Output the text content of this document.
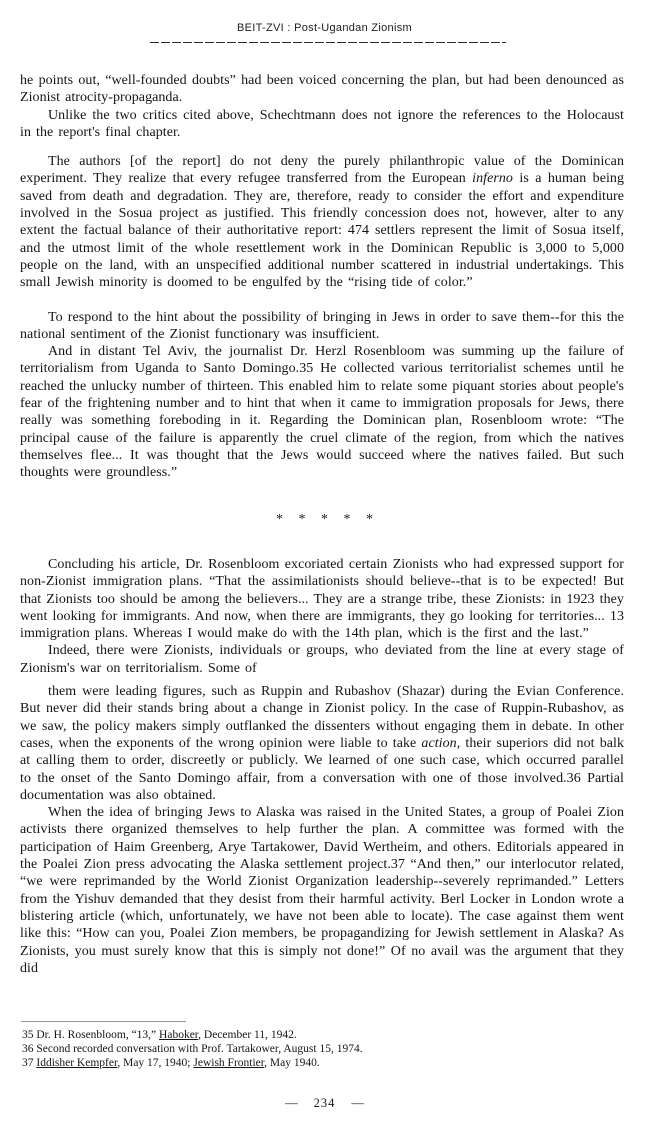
BEIT-ZVI : Post-Ugandan Zionism

he points out, “well-founded doubts” had been voiced concerning the plan, but had been denounced as Zionist atrocity-propaganda.

Unlike the two critics cited above, Schechtmann does not ignore the references to the Holocaust in the report's final chapter.

The authors [of the report] do not deny the purely philanthropic value of the Dominican experiment. They realize that every refugee transferred from the European inferno is a human being saved from death and degradation. They are, therefore, ready to consider the effort and expenditure involved in the Sosua project as justified. This friendly concession does not, however, alter to any extent the factual balance of their authoritative report: 474 settlers represent the limit of Sosua itself, and the utmost limit of the whole resettlement work in the Dominican Republic is 3,000 to 5,000 people on the land, with an unspecified additional number scattered in industrial undertakings. This small Jewish minority is doomed to be engulfed by the “rising tide of color.”

To respond to the hint about the possibility of bringing in Jews in order to save them--for this the national sentiment of the Zionist functionary was insufficient.

And in distant Tel Aviv, the journalist Dr. Herzl Rosenbloom was summing up the failure of territorialism from Uganda to Santo Domingo.35 He collected various territorialist schemes until he reached the unlucky number of thirteen. This enabled him to relate some piquant stories about people's fear of the frightening number and to hint that when it came to immigration proposals for Jews, there really was something foreboding in it. Regarding the Dominican plan, Rosenbloom wrote: “The principal cause of the failure is apparently the cruel climate of the region, from which the natives themselves flee... It was thought that the Jews would succeed where the natives failed. But such thoughts were groundless.”

* * * * *

Concluding his article, Dr. Rosenbloom excoriated certain Zionists who had expressed support for non-Zionist immigration plans. “That the assimilationists should believe--that is to be expected! But that Zionists too should be among the believers... They are a strange tribe, these Zionists: in 1923 they went looking for immigrants. And now, when there are immigrants, they go looking for territories... 13 immigration plans. Whereas I would make do with the 14th plan, which is the first and the last.”

Indeed, there were Zionists, individuals or groups, who deviated from the line at every stage of Zionism's war on territorialism. Some of

them were leading figures, such as Ruppin and Rubashov (Shazar) during the Evian Conference. But never did their stands bring about a change in Zionist policy. In the case of Ruppin-Rubashov, as we saw, the policy makers simply outflanked the dissenters without engaging them in debate. In other cases, when the exponents of the wrong opinion were liable to take action, their superiors did not balk at calling them to order, discreetly or publicly. We learned of one such case, which occurred parallel to the onset of the Santo Domingo affair, from a conversation with one of those involved.36 Partial documentation was also obtained.

When the idea of bringing Jews to Alaska was raised in the United States, a group of Poalei Zion activists there organized themselves to help further the plan. A committee was formed with the participation of Haim Greenberg, Arye Tartakower, David Wertheim, and others. Editorials appeared in the Poalei Zion press advocating the Alaska settlement project.37 “And then,” our interlocutor related, “we were reprimanded by the World Zionist Organization leadership--severely reprimanded.” Letters from the Yishuv demanded that they desist from their harmful activity. Berl Locker in London wrote a blistering article (which, unfortunately, we have not been able to locate). The case against them went like this: “How can you, Poalei Zion members, be propagandizing for Jewish settlement in Alaska? As Zionists, you must surely know that this is simply not done!” Of no avail was the argument that they did

35 Dr. H. Rosenbloom, “13,” Haboker, December 11, 1942.
36 Second recorded conversation with Prof. Tartakower, August 15, 1974.
37 Iddisher Kempfer, May 17, 1940; Jewish Frontier, May 1940.
— 234 —
